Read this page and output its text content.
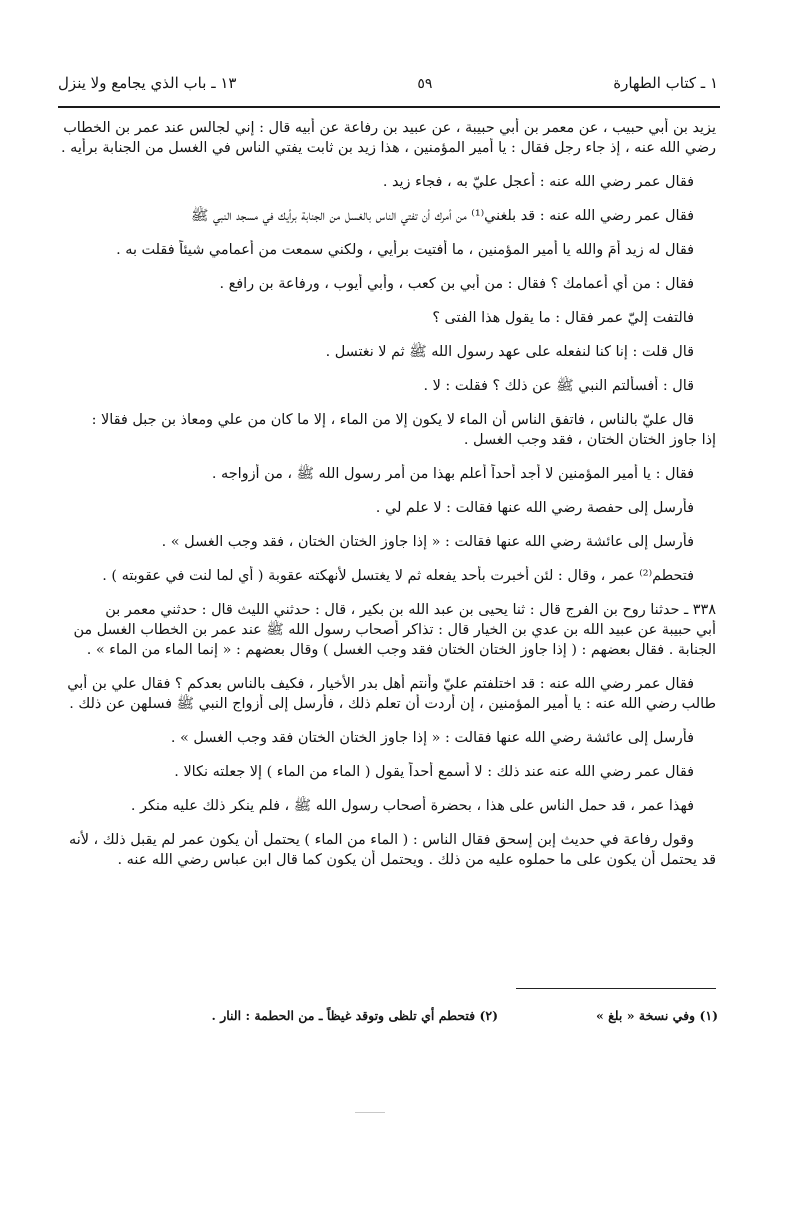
١ ـ كتاب الطهارة
٥٩
١٣ ـ باب الذي يجامع ولا ينزل
يزيد بن أبي حبيب ، عن معمر بن أبي حبيبة ، عن عبيد بن رفاعة عن أبيه قال : إني لجالس عند عمر بن الخطاب
رضي الله عنه ، إذ جاء رجل فقال : يا أمير المؤمنين ، هذا زيد بن ثابت يفتي الناس في الغسل من الجنابة برأيه .
فقال عمر رضي الله عنه : أعجل عليّ به ، فجاء زيد .
فقال عمر رضي الله عنه : قد بلغني⁽¹⁾ من أمرك أن تفتي الناس بالغسل من الجنابة برأيك في مسجد النبي ﷺ
فقال له زيد أَمَ والله يا أمير المؤمنين ، ما أفتيت برأيي ، ولكني سمعت من أعمامي شيئاً فقلت به .
فقال : من أي أعمامك ؟ فقال : من أبي بن كعب ، وأبي أيوب ، ورفاعة بن رافع .
فالتفت إليّ عمر فقال : ما يقول هذا الفتى ؟
قال قلت : إنا كنا لنفعله على عهد رسول الله ﷺ ثم لا نغتسل .
قال : أفسألتم النبي ﷺ عن ذلك ؟ فقلت : لا .
قال عليّ بالناس ، فاتفق الناس أن الماء لا يكون إلا من الماء ، إلا ما كان من علي ومعاذ بن جبل فقالا :
إذا جاوز الختان الختان ، فقد وجب الغسل .
فقال : يا أمير المؤمنين لا أجد أحداً أعلم بهذا من أمر رسول الله ﷺ ، من أزواجه .
فأرسل إلى حفصة رضي الله عنها فقالت : لا علم لي .
فأرسل إلى عائشة رضي الله عنها فقالت : « إذا جاوز الختان الختان ، فقد وجب الغسل » .
فتحطم⁽²⁾ عمر ، وقال : لئن أخبرت بأحد يفعله ثم لا يغتسل لأنهكته عقوبة ( أي لما لنت في عقوبته ) .
٣٣٨ ـ حدثنا روح بن الفرج قال : ثنا يحيى بن عبد الله بن بكير ، قال : حدثني الليث قال : حدثني معمر بن
أبي حبيبة عن عبيد الله بن عدي بن الخيار قال : تذاكر أصحاب رسول الله ﷺ عند عمر بن الخطاب الغسل من
الجنابة . فقال بعضهم : ( إذا جاوز الختان الختان فقد وجب الغسل ) وقال بعضهم : « إنما الماء من الماء » .
فقال عمر رضي الله عنه : قد اختلفتم عليّ وأنتم أهل بدر الأخيار ، فكيف بالناس بعدكم ؟ فقال علي بن أبي
طالب رضي الله عنه : يا أمير المؤمنين ، إن أردت أن تعلم ذلك ، فأرسل إلى أزواج النبي ﷺ فسلهن عن ذلك .
فأرسل إلى عائشة رضي الله عنها فقالت : « إذا جاوز الختان الختان فقد وجب الغسل » .
فقال عمر رضي الله عنه عند ذلك : لا أسمع أحداً يقول ( الماء من الماء ) إلا جعلته نكالا .
فهذا عمر ، قد حمل الناس على هذا ، بحضرة أصحاب رسول الله ﷺ ، فلم ينكر ذلك عليه منكر .
وقول رفاعة في حديث إبن إسحق فقال الناس : ( الماء من الماء ) يحتمل أن يكون عمر لم يقبل ذلك ، لأنه
قد يحتمل أن يكون على ما حملوه عليه من ذلك . ويحتمل أن يكون كما قال ابن عباس رضي الله عنه .
(١) وفي نسخة « بلغ »
(٢) فتحطم أي تلظى وتوقد غيظاً ـ من الحطمة : النار .
